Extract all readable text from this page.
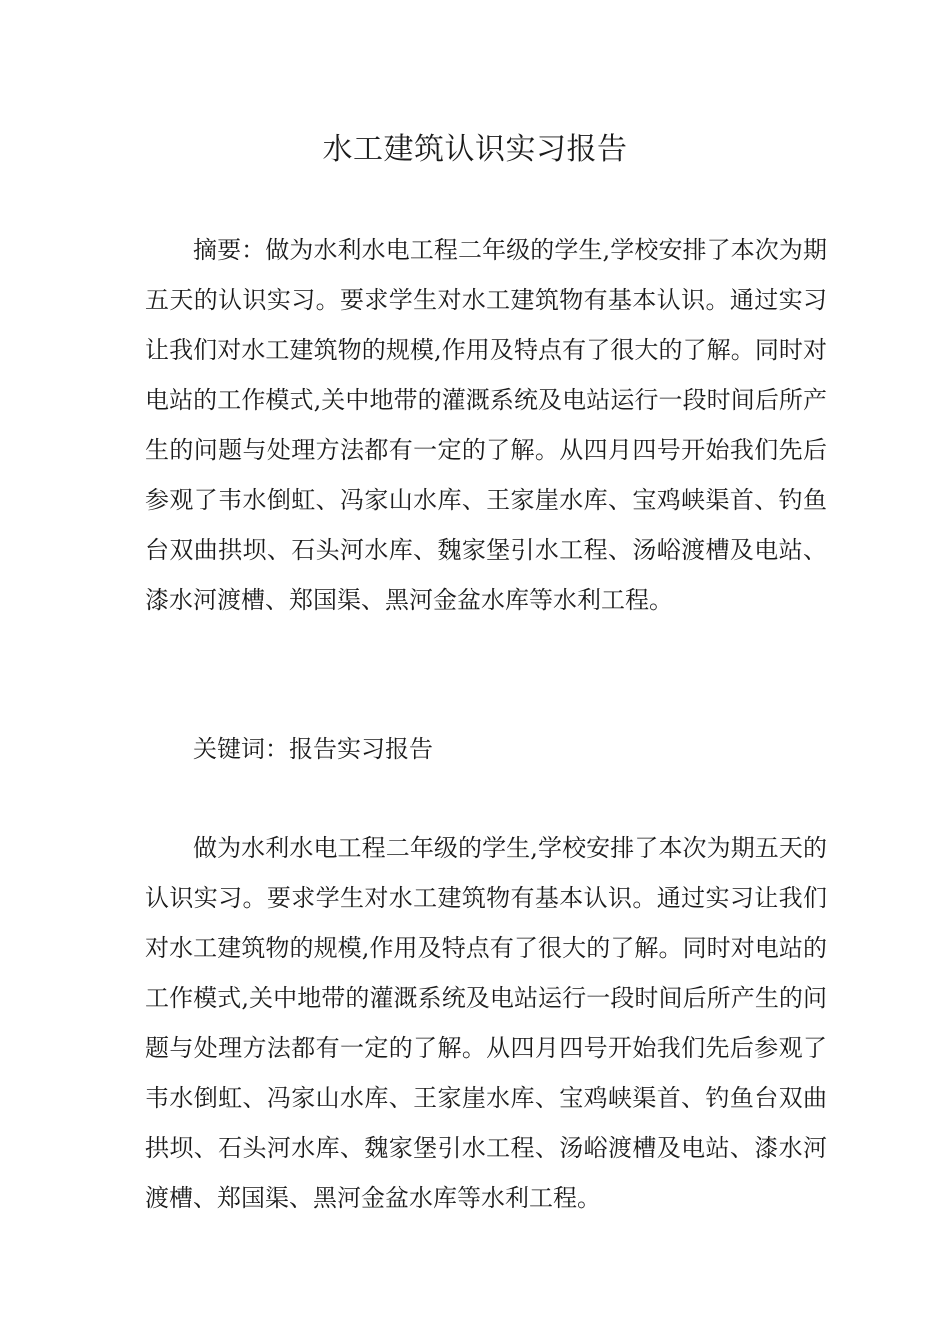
水工建筑认识实习报告

摘要：做为水利水电工程二年级的学生,学校安排了本次为期五天的认识实习。要求学生对水工建筑物有基本认识。通过实习让我们对水工建筑物的规模,作用及特点有了很大的了解。同时对电站的工作模式,关中地带的灌溉系统及电站运行一段时间后所产生的问题与处理方法都有一定的了解。从四月四号开始我们先后参观了韦水倒虹、冯家山水库、王家崖水库、宝鸡峡渠首、钓鱼台双曲拱坝、石头河水库、魏家堡引水工程、汤峪渡槽及电站、漆水河渡槽、郑国渠、黑河金盆水库等水利工程。

关键词：报告实习报告

做为水利水电工程二年级的学生,学校安排了本次为期五天的认识实习。要求学生对水工建筑物有基本认识。通过实习让我们对水工建筑物的规模,作用及特点有了很大的了解。同时对电站的工作模式,关中地带的灌溉系统及电站运行一段时间后所产生的问题与处理方法都有一定的了解。从四月四号开始我们先后参观了韦水倒虹、冯家山水库、王家崖水库、宝鸡峡渠首、钓鱼台双曲拱坝、石头河水库、魏家堡引水工程、汤峪渡槽及电站、漆水河渡槽、郑国渠、黑河金盆水库等水利工程。
